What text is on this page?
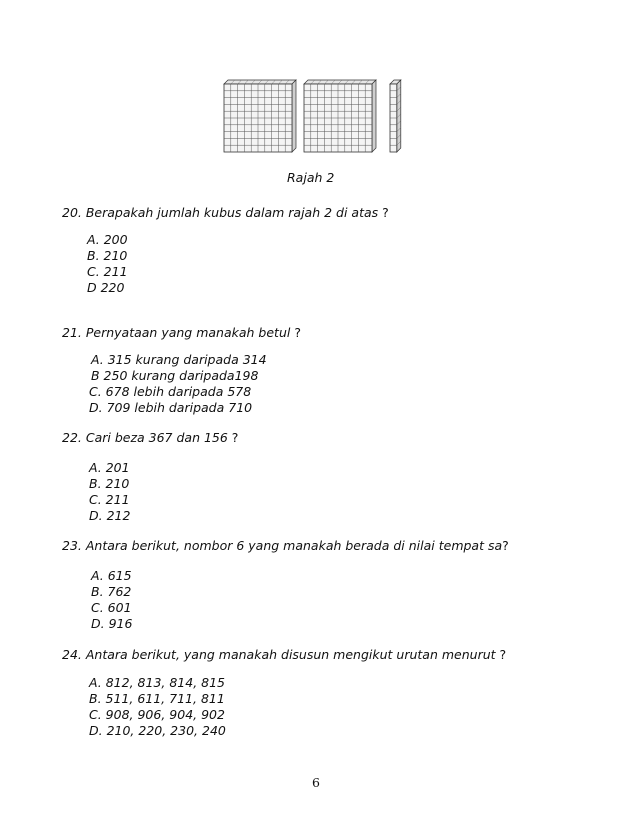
Rajah 2
20. Berapakah jumlah kubus dalam rajah 2 di atas ?
A. 200
B. 210
C. 211
D 220
21. Pernyataan yang manakah betul ?
A. 315 kurang daripada 314
B 250 kurang daripada198
C. 678 lebih daripada 578
D. 709 lebih daripada 710
22. Cari beza 367 dan 156 ?
A. 201
B. 210
C. 211
D. 212
23. Antara berikut, nombor 6 yang manakah berada di nilai tempat sa?
A. 615
B. 762
C. 601
D. 916
24. Antara berikut, yang manakah disusun mengikut urutan menurut ?
A. 812, 813, 814, 815
B. 511, 611, 711, 811
C. 908, 906, 904, 902
D. 210, 220, 230, 240
6
